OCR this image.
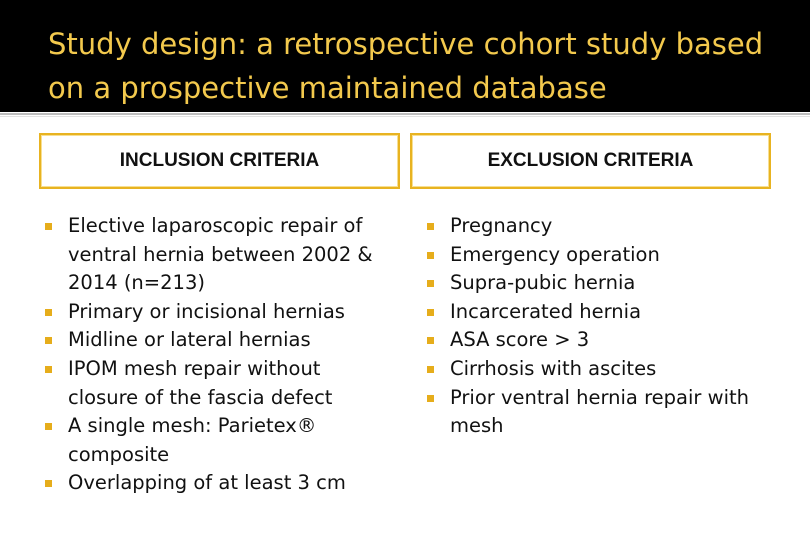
Study design: a retrospective cohort study based on a prospective maintained database
INCLUSION CRITERIA	EXCLUSION CRITERIA
Elective laparoscopic repair of ventral hernia between 2002 & 2014 (n=213)
Primary or incisional hernias
Midline or lateral hernias
IPOM mesh repair without closure of the fascia defect
A single mesh: Parietex® composite
Overlapping of at least 3 cm
Pregnancy
Emergency operation
Supra-pubic hernia
Incarcerated hernia
ASA score > 3
Cirrhosis with ascites
Prior ventral hernia repair with mesh
